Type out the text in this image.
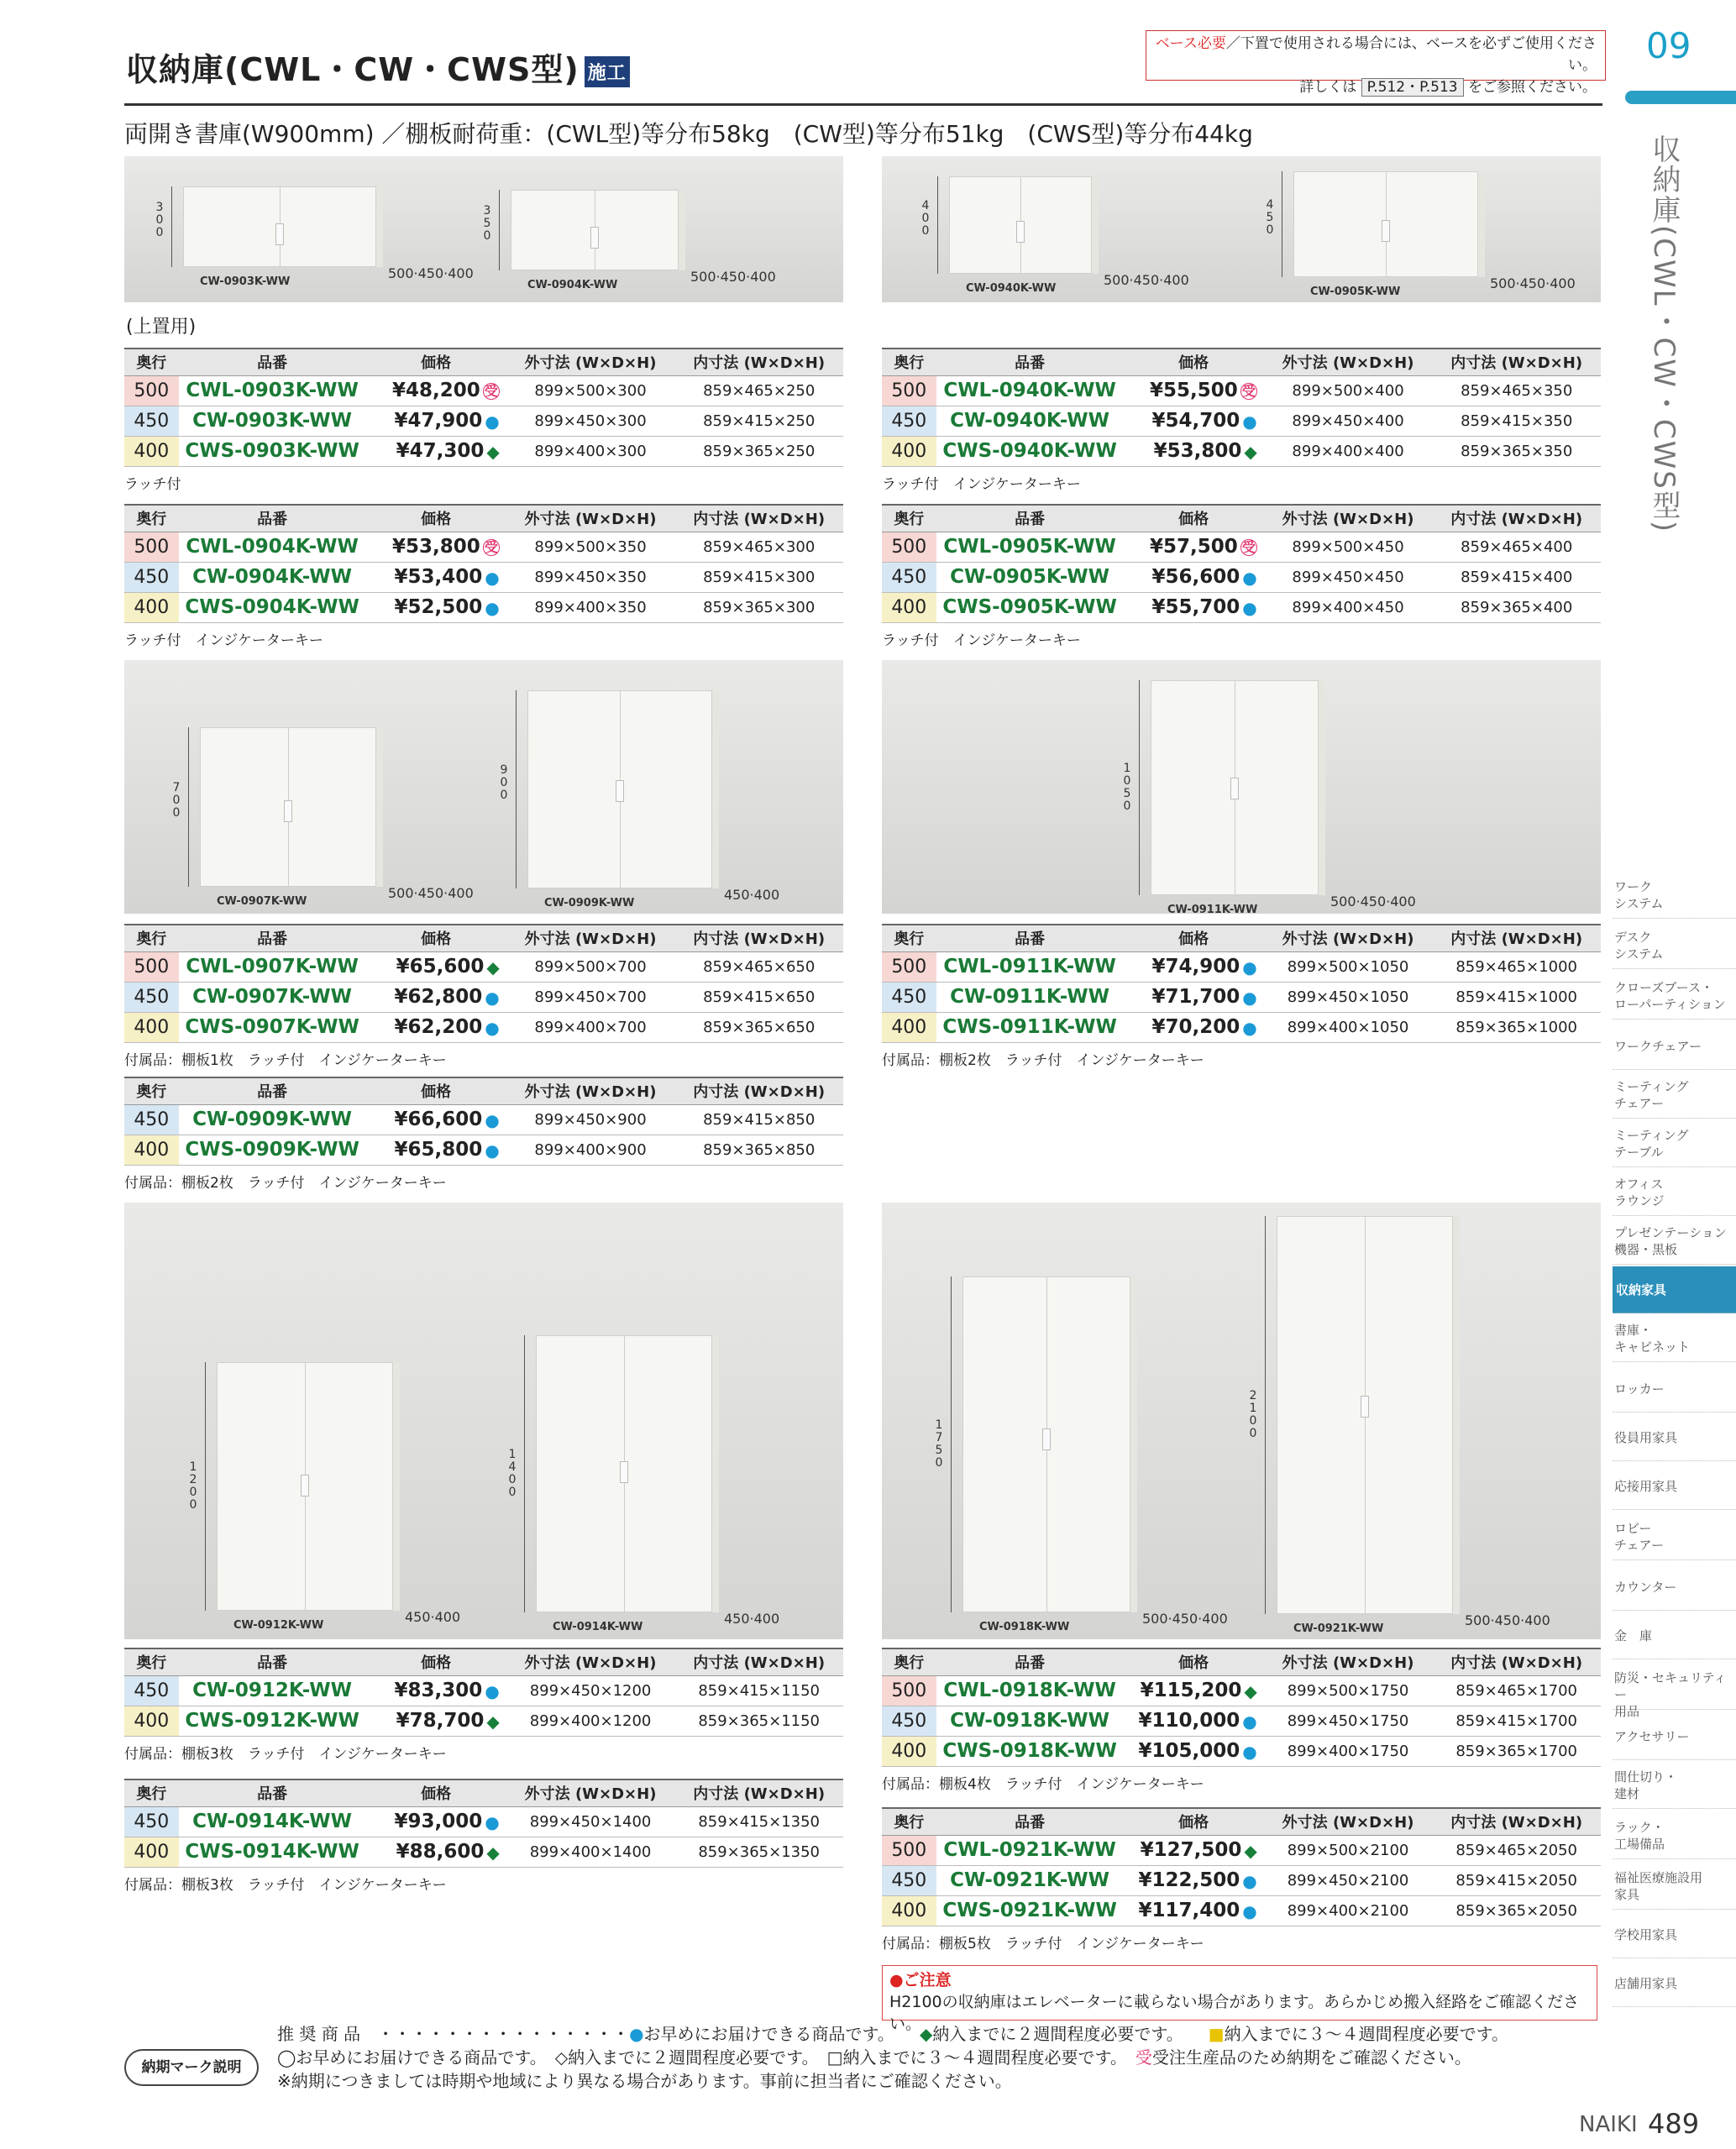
収納庫(CWL・CW・CWS型) 施工
ベース必要／下置で使用される場合には、ベースを必ずご使用ください。
詳しくは P.512・P.513 をご参照ください。
09
収納庫(CWL・CW・CWS型)
両開き書庫(W900mm) ／棚板耐荷重：(CWL型)等分布58kg　(CW型)等分布51kg　(CWS型)等分布44kg
ワーク
システム
デスク
システム
クローズブース・
ローパーティション
ワークチェアー
ミーティング
チェアー
ミーティング
テーブル
オフィス
ラウンジ
プレゼンテーション
機器・黒板
収納家具
書庫・
キャビネット
ロッカー
役員用家具
応接用家具
ロビー
チェアー
カウンター
金　庫
防災・セキュリティー
用品
アクセサリー
間仕切り・
建材
ラック・
工場備品
福祉医療施設用
家具
学校用家具
店舗用家具
3
0
0
500·450·400
CW-0903K-WW
3
5
0
500·450·400
CW-0904K-WW
4
0
0
500·450·400
CW-0940K-WW
4
5
0
500·450·400
CW-0905K-WW
(上置用)
7
0
0
500·450·400
CW-0907K-WW
9
0
0
450·400
CW-0909K-WW
1
0
5
0
500·450·400
CW-0911K-WW
1
2
0
0
450·400
CW-0912K-WW
1
4
0
0
450·400
CW-0914K-WW
1
7
5
0
500·450·400
CW-0918K-WW
2
1
0
0
500·450·400
CW-0921K-WW
奥行	品番	価格	外寸法 (W×D×H)	内寸法 (W×D×H)
500	CWL-0903K-WW	¥48,200 受	899×500×300	859×465×250
450	CW-0903K-WW	¥47,900 ●	899×450×300	859×415×250
400	CWS-0903K-WW	¥47,300 ◆	899×400×300	859×365×250
ラッチ付
奥行	品番	価格	外寸法 (W×D×H)	内寸法 (W×D×H)
500	CWL-0940K-WW	¥55,500 受	899×500×400	859×465×350
450	CW-0940K-WW	¥54,700 ●	899×450×400	859×415×350
400	CWS-0940K-WW	¥53,800 ◆	899×400×400	859×365×350
ラッチ付　インジケーターキー
奥行	品番	価格	外寸法 (W×D×H)	内寸法 (W×D×H)
500	CWL-0904K-WW	¥53,800 受	899×500×350	859×465×300
450	CW-0904K-WW	¥53,400 ●	899×450×350	859×415×300
400	CWS-0904K-WW	¥52,500 ●	899×400×350	859×365×300
ラッチ付　インジケーターキー
奥行	品番	価格	外寸法 (W×D×H)	内寸法 (W×D×H)
500	CWL-0905K-WW	¥57,500 受	899×500×450	859×465×400
450	CW-0905K-WW	¥56,600 ●	899×450×450	859×415×400
400	CWS-0905K-WW	¥55,700 ●	899×400×450	859×365×400
ラッチ付　インジケーターキー
奥行	品番	価格	外寸法 (W×D×H)	内寸法 (W×D×H)
500	CWL-0907K-WW	¥65,600 ◆	899×500×700	859×465×650
450	CW-0907K-WW	¥62,800 ●	899×450×700	859×415×650
400	CWS-0907K-WW	¥62,200 ●	899×400×700	859×365×650
付属品：棚板1枚　ラッチ付　インジケーターキー
奥行	品番	価格	外寸法 (W×D×H)	内寸法 (W×D×H)
500	CWL-0911K-WW	¥74,900 ●	899×500×1050	859×465×1000
450	CW-0911K-WW	¥71,700 ●	899×450×1050	859×415×1000
400	CWS-0911K-WW	¥70,200 ●	899×400×1050	859×365×1000
付属品：棚板2枚　ラッチ付　インジケーターキー
奥行	品番	価格	外寸法 (W×D×H)	内寸法 (W×D×H)
450	CW-0909K-WW	¥66,600 ●	899×450×900	859×415×850
400	CWS-0909K-WW	¥65,800 ●	899×400×900	859×365×850
付属品：棚板2枚　ラッチ付　インジケーターキー
奥行	品番	価格	外寸法 (W×D×H)	内寸法 (W×D×H)
450	CW-0912K-WW	¥83,300 ●	899×450×1200	859×415×1150
400	CWS-0912K-WW	¥78,700 ◆	899×400×1200	859×365×1150
付属品：棚板3枚　ラッチ付　インジケーターキー
奥行	品番	価格	外寸法 (W×D×H)	内寸法 (W×D×H)
500	CWL-0918K-WW	¥115,200 ◆	899×500×1750	859×465×1700
450	CW-0918K-WW	¥110,000 ●	899×450×1750	859×415×1700
400	CWS-0918K-WW	¥105,000 ●	899×400×1750	859×365×1700
付属品：棚板4枚　ラッチ付　インジケーターキー
奥行	品番	価格	外寸法 (W×D×H)	内寸法 (W×D×H)
450	CW-0914K-WW	¥93,000 ●	899×450×1400	859×415×1350
400	CWS-0914K-WW	¥88,600 ◆	899×400×1400	859×365×1350
付属品：棚板3枚　ラッチ付　インジケーターキー
奥行	品番	価格	外寸法 (W×D×H)	内寸法 (W×D×H)
500	CWL-0921K-WW	¥127,500 ◆	899×500×2100	859×465×2050
450	CW-0921K-WW	¥122,500 ●	899×450×2100	859×415×2050
400	CWS-0921K-WW	¥117,400 ●	899×400×2100	859×365×2050
付属品：棚板5枚　ラッチ付　インジケーターキー
●ご注意
H2100の収納庫はエレベーターに載らない場合があります。あらかじめ搬入経路をご確認ください。
納期マーク説明
推 奨 商 品　・・・・・・・・・・・・・・・●お早めにお届けできる商品です。　　 ◆納入までに２週間程度必要です。　　 ■納入までに３～４週間程度必要です。
◯お早めにお届けできる商品です。　 ◇納入までに２週間程度必要です。　 □納入までに３～４週間程度必要です。　 受受注生産品のため納期をご確認ください。
※納期につきましては時期や地域により異なる場合があります。事前に担当者にご確認ください。
NAIKI 489
